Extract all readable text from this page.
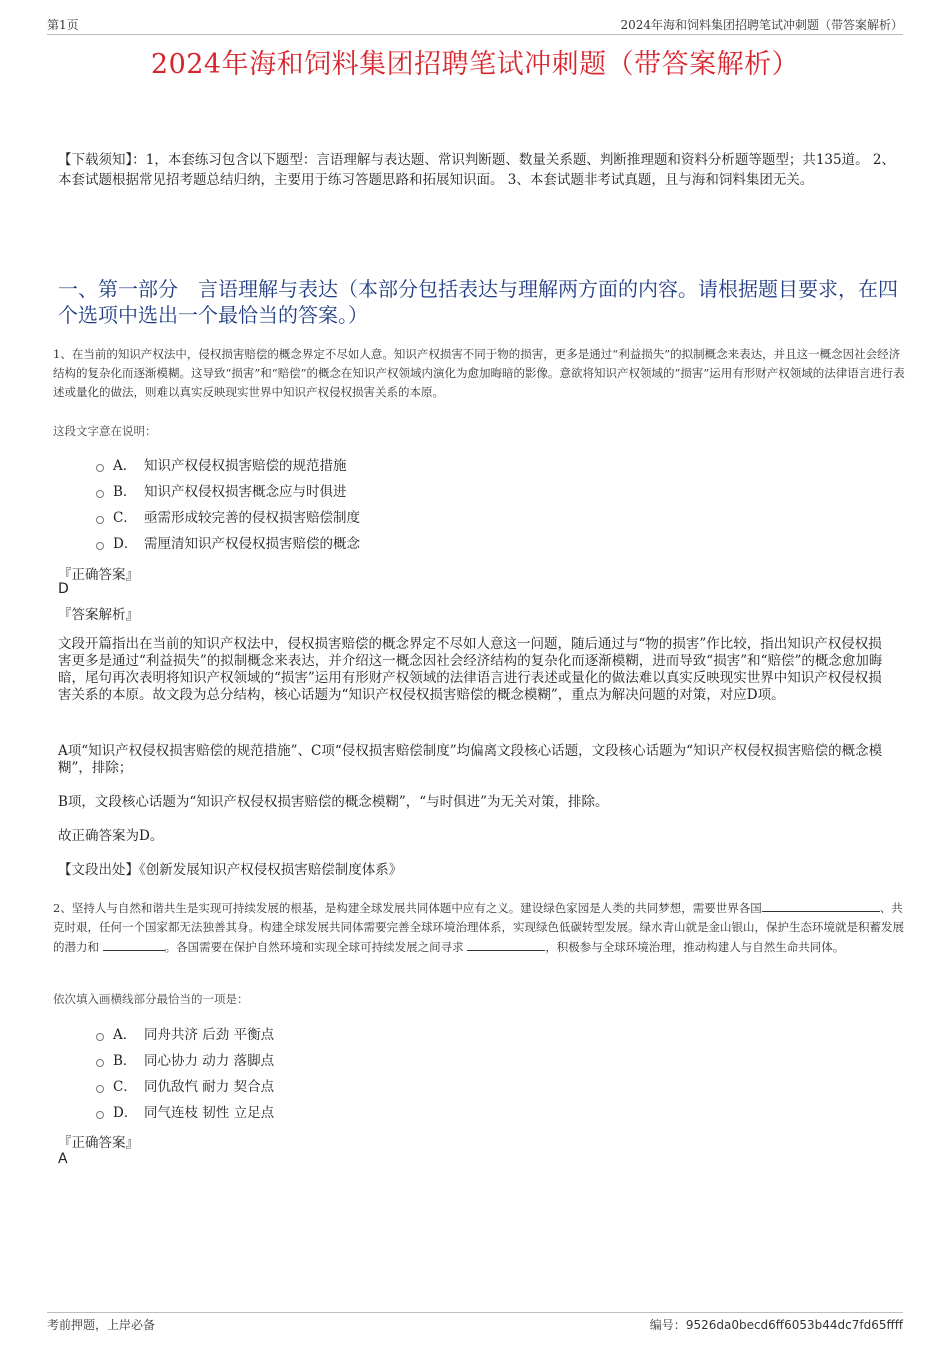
第1页	2024年海和饲料集团招聘笔试冲刺题（带答案解析）
2024年海和饲料集团招聘笔试冲刺题（带答案解析）
【下载须知】：1，本套练习包含以下题型：言语理解与表达题、常识判断题、数量关系题、判断推理题和资料分析题等题型；共135道。 2、本套试题根据常见招考题总结归纳，主要用于练习答题思路和拓展知识面。 3、本套试题非考试真题，且与海和饲料集团无关。
一、第一部分　言语理解与表达（本部分包括表达与理解两方面的内容。请根据题目要求，在四个选项中选出一个最恰当的答案。）
1、在当前的知识产权法中，侵权损害赔偿的概念界定不尽如人意。知识产权损害不同于物的损害，更多是通过“利益损失”的拟制概念来表达，并且这一概念因社会经济结构的复杂化而逐渐模糊。这导致“损害”和“赔偿”的概念在知识产权领域内演化为愈加晦暗的影像。意欲将知识产权领域的“损害”运用有形财产权领域的法律语言进行表述或量化的做法，则难以真实反映现实世界中知识产权侵权损害关系的本原。
这段文字意在说明：
A． 知识产权侵权损害赔偿的规范措施
B． 知识产权侵权损害概念应与时俱进
C． 亟需形成较完善的侵权损害赔偿制度
D． 需厘清知识产权侵权损害赔偿的概念
『正确答案』
D
『答案解析』
文段开篇指出在当前的知识产权法中，侵权损害赔偿的概念界定不尽如人意这一问题，随后通过与“物的损害”作比较，指出知识产权侵权损害更多是通过“利益损失”的拟制概念来表达，并介绍这一概念因社会经济结构的复杂化而逐渐模糊，进而导致“损害”和“赔偿”的概念愈加晦暗，尾句再次表明将知识产权领域的“损害”运用有形财产权领域的法律语言进行表述或量化的做法难以真实反映现实世界中知识产权侵权损害关系的本原。故文段为总分结构，核心话题为“知识产权侵权损害赔偿的概念模糊”，重点为解决问题的对策，对应D项。
A项“知识产权侵权损害赔偿的规范措施”、C项“侵权损害赔偿制度”均偏离文段核心话题，文段核心话题为“知识产权侵权损害赔偿的概念模糊”，排除；
B项，文段核心话题为“知识产权侵权损害赔偿的概念模糊”，“与时俱进”为无关对策，排除。
故正确答案为D。
【文段出处】《创新发展知识产权侵权损害赔偿制度体系》
2、坚持人与自然和谐共生是实现可持续发展的根基，是构建全球发展共同体题中应有之义。建设绿色家园是人类的共同梦想，需要世界各国	、共克时艰，任何一个国家都无法独善其身。构建全球发展共同体需要完善全球环境治理体系，实现绿色低碳转型发展。绿水青山就是金山银山，保护生态环境就是积蓄发展的潜力和	。各国需要在保护自然环境和实现全球可持续发展之间寻求	，积极参与全球环境治理，推动构建人与自然生命共同体。
依次填入画横线部分最恰当的一项是：
A． 同舟共济 后劲 平衡点
B． 同心协力 动力 落脚点
C． 同仇敌忾 耐力 契合点
D． 同气连枝 韧性 立足点
『正确答案』
A
考前押题，上岸必备	编号：9526da0becd6ff6053b44dc7fd65ffff
